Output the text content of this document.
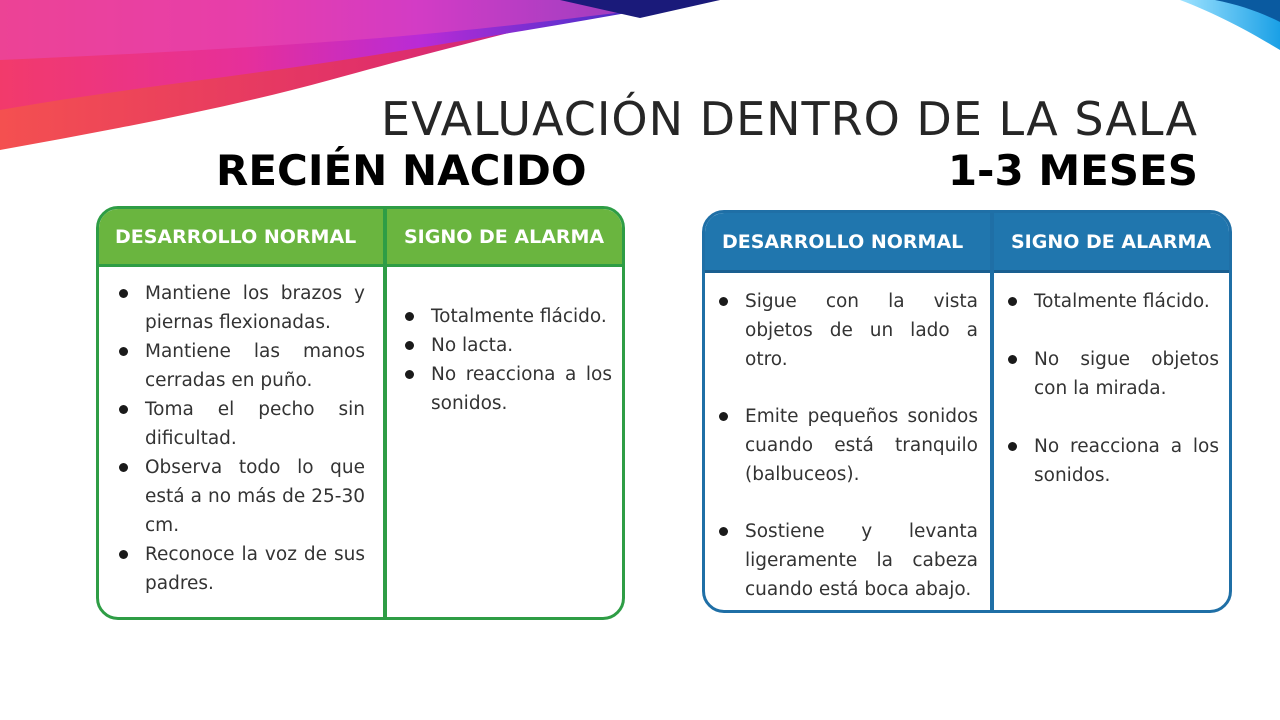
EVALUACIÓN DENTRO DE LA SALA
RECIÉN NACIDO	1-3 MESES
DESARROLLO NORMAL
Mantiene los brazos y piernas flexionadas.
Mantiene las manos cerradas en puño.
Toma el pecho sin dificultad.
Observa todo lo que está a no más de 25-30 cm.
Reconoce la voz de sus padres.
SIGNO DE ALARMA
Totalmente flácido.
No lacta.
No reacciona a los sonidos.
DESARROLLO NORMAL
Sigue con la vista objetos de un lado a otro.
Emite pequeños sonidos cuando está tranquilo (balbuceos).
Sostiene y levanta ligeramente la cabeza cuando está boca abajo.
SIGNO DE ALARMA
Totalmente flácido.
No sigue objetos con la mirada.
No reacciona a los sonidos.
